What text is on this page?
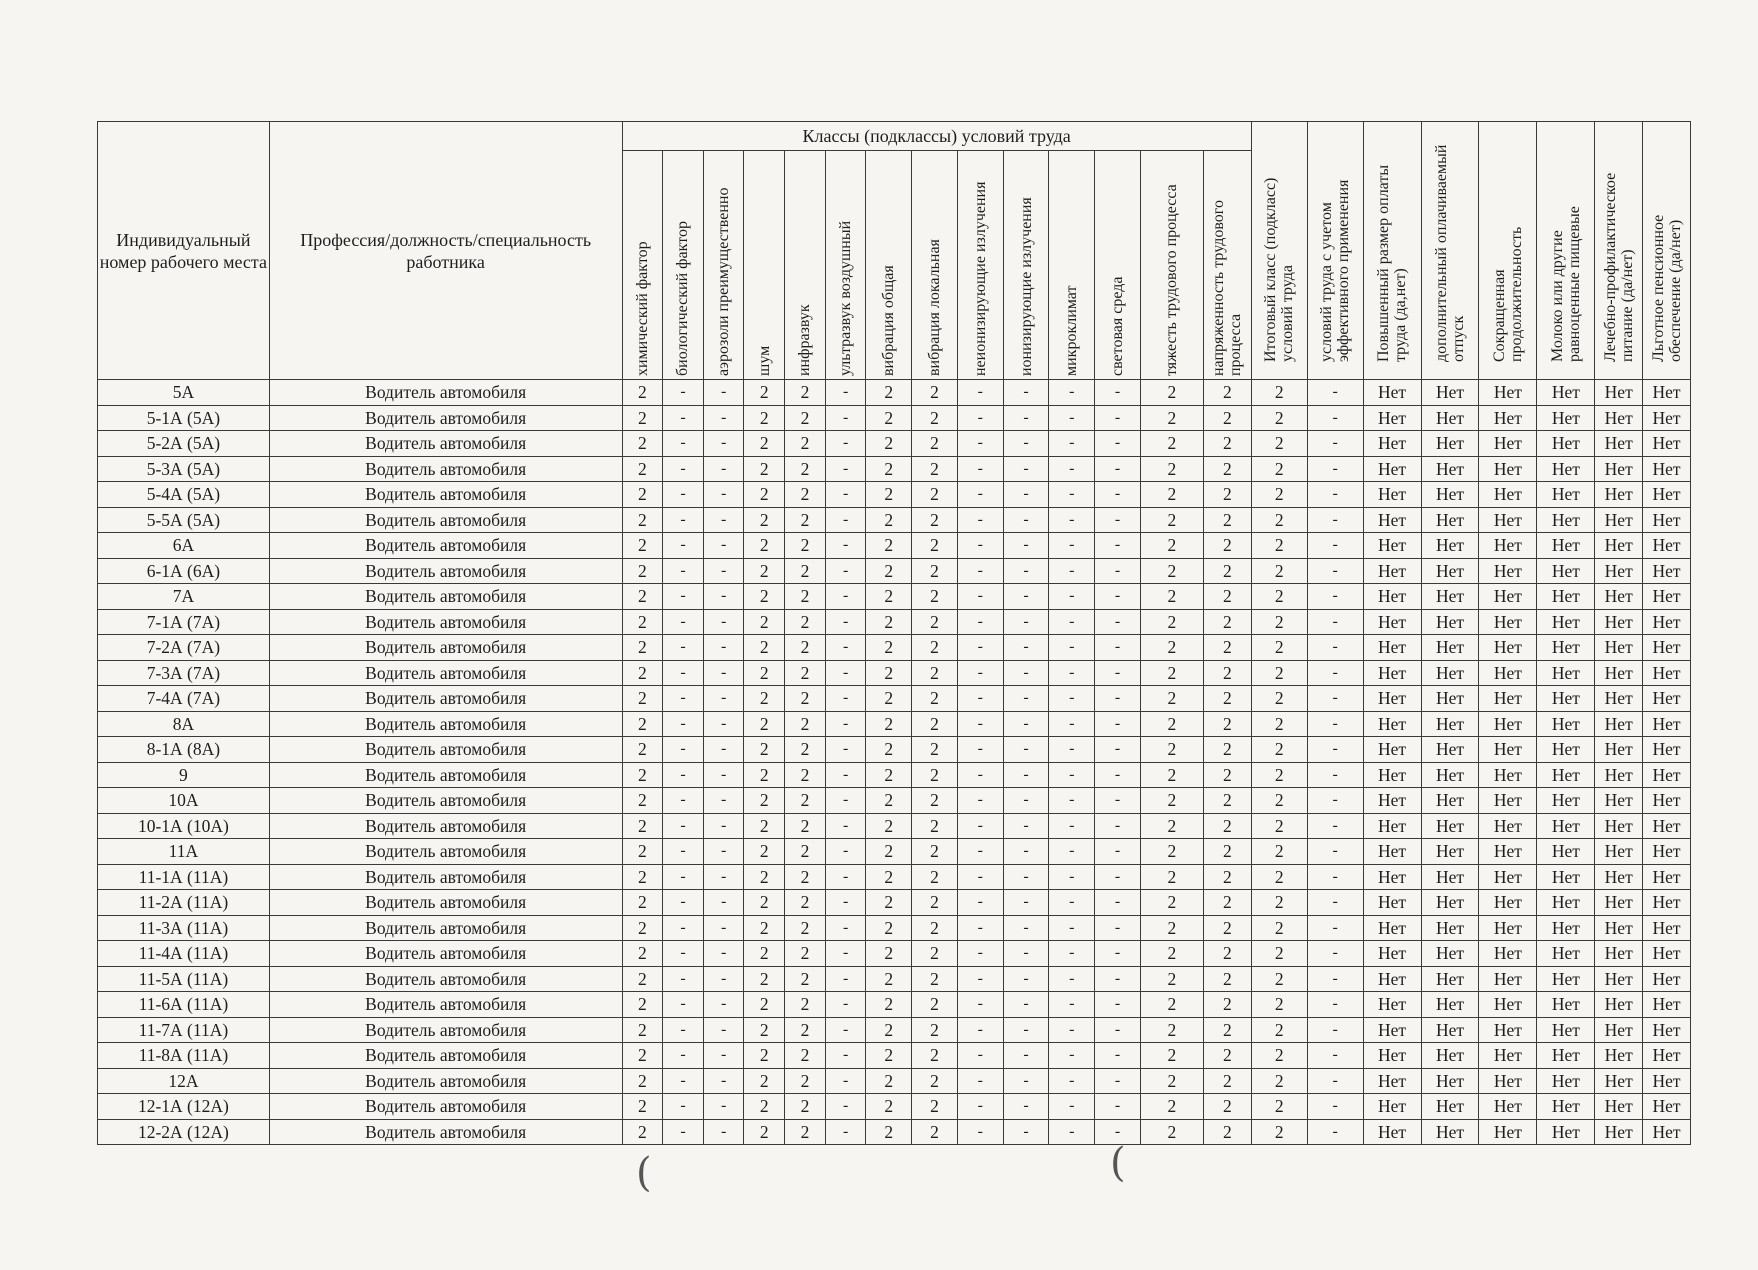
Индивидуальный номер рабочего места	Профессия/должность/специальность работника	Классы (подклассы) условий труда														Итоговый класс (подкласс) условий труда	условий труда с учетом эффективного применения	Повышенный размер оплаты труда (да,нет)	дополнительный оплачиваемый отпуск	Сокращенная продолжительность	Молоко или другие равноценные пищевые	Лечебно-профилактическое питание (да/нет)	Льготное пенсионное обеспечение (да/нет)

		химический фактор	биологический фактор	аэрозоли преимущественно	шум	инфразвук	ультразвук воздушный	вибрация общая	вибрация локальная	неионизирующие излучения	ионизирующие излучения	микроклимат	световая среда	тяжесть трудового процесса	напряженность трудового процесса								

5А	Водитель автомобиля	2	-	-	2	2	-	2	2	-	-	-	-	2	2	2	-	Нет	Нет	Нет	Нет	Нет	Нет
5-1А (5А)	Водитель автомобиля	2	-	-	2	2	-	2	2	-	-	-	-	2	2	2	-	Нет	Нет	Нет	Нет	Нет	Нет
5-2А (5А)	Водитель автомобиля	2	-	-	2	2	-	2	2	-	-	-	-	2	2	2	-	Нет	Нет	Нет	Нет	Нет	Нет
5-3А (5А)	Водитель автомобиля	2	-	-	2	2	-	2	2	-	-	-	-	2	2	2	-	Нет	Нет	Нет	Нет	Нет	Нет
5-4А (5А)	Водитель автомобиля	2	-	-	2	2	-	2	2	-	-	-	-	2	2	2	-	Нет	Нет	Нет	Нет	Нет	Нет
5-5А (5А)	Водитель автомобиля	2	-	-	2	2	-	2	2	-	-	-	-	2	2	2	-	Нет	Нет	Нет	Нет	Нет	Нет
6А	Водитель автомобиля	2	-	-	2	2	-	2	2	-	-	-	-	2	2	2	-	Нет	Нет	Нет	Нет	Нет	Нет
6-1А (6А)	Водитель автомобиля	2	-	-	2	2	-	2	2	-	-	-	-	2	2	2	-	Нет	Нет	Нет	Нет	Нет	Нет
7А	Водитель автомобиля	2	-	-	2	2	-	2	2	-	-	-	-	2	2	2	-	Нет	Нет	Нет	Нет	Нет	Нет
7-1А (7А)	Водитель автомобиля	2	-	-	2	2	-	2	2	-	-	-	-	2	2	2	-	Нет	Нет	Нет	Нет	Нет	Нет
7-2А (7А)	Водитель автомобиля	2	-	-	2	2	-	2	2	-	-	-	-	2	2	2	-	Нет	Нет	Нет	Нет	Нет	Нет
7-3А (7А)	Водитель автомобиля	2	-	-	2	2	-	2	2	-	-	-	-	2	2	2	-	Нет	Нет	Нет	Нет	Нет	Нет
7-4А (7А)	Водитель автомобиля	2	-	-	2	2	-	2	2	-	-	-	-	2	2	2	-	Нет	Нет	Нет	Нет	Нет	Нет
8А	Водитель автомобиля	2	-	-	2	2	-	2	2	-	-	-	-	2	2	2	-	Нет	Нет	Нет	Нет	Нет	Нет
8-1А (8А)	Водитель автомобиля	2	-	-	2	2	-	2	2	-	-	-	-	2	2	2	-	Нет	Нет	Нет	Нет	Нет	Нет
9	Водитель автомобиля	2	-	-	2	2	-	2	2	-	-	-	-	2	2	2	-	Нет	Нет	Нет	Нет	Нет	Нет
10А	Водитель автомобиля	2	-	-	2	2	-	2	2	-	-	-	-	2	2	2	-	Нет	Нет	Нет	Нет	Нет	Нет
10-1А (10А)	Водитель автомобиля	2	-	-	2	2	-	2	2	-	-	-	-	2	2	2	-	Нет	Нет	Нет	Нет	Нет	Нет
11А	Водитель автомобиля	2	-	-	2	2	-	2	2	-	-	-	-	2	2	2	-	Нет	Нет	Нет	Нет	Нет	Нет
11-1А (11А)	Водитель автомобиля	2	-	-	2	2	-	2	2	-	-	-	-	2	2	2	-	Нет	Нет	Нет	Нет	Нет	Нет
11-2А (11А)	Водитель автомобиля	2	-	-	2	2	-	2	2	-	-	-	-	2	2	2	-	Нет	Нет	Нет	Нет	Нет	Нет
11-3А (11А)	Водитель автомобиля	2	-	-	2	2	-	2	2	-	-	-	-	2	2	2	-	Нет	Нет	Нет	Нет	Нет	Нет
11-4А (11А)	Водитель автомобиля	2	-	-	2	2	-	2	2	-	-	-	-	2	2	2	-	Нет	Нет	Нет	Нет	Нет	Нет
11-5А (11А)	Водитель автомобиля	2	-	-	2	2	-	2	2	-	-	-	-	2	2	2	-	Нет	Нет	Нет	Нет	Нет	Нет
11-6А (11А)	Водитель автомобиля	2	-	-	2	2	-	2	2	-	-	-	-	2	2	2	-	Нет	Нет	Нет	Нет	Нет	Нет
11-7А (11А)	Водитель автомобиля	2	-	-	2	2	-	2	2	-	-	-	-	2	2	2	-	Нет	Нет	Нет	Нет	Нет	Нет
11-8А (11А)	Водитель автомобиля	2	-	-	2	2	-	2	2	-	-	-	-	2	2	2	-	Нет	Нет	Нет	Нет	Нет	Нет
12А	Водитель автомобиля	2	-	-	2	2	-	2	2	-	-	-	-	2	2	2	-	Нет	Нет	Нет	Нет	Нет	Нет
12-1А (12А)	Водитель автомобиля	2	-	-	2	2	-	2	2	-	-	-	-	2	2	2	-	Нет	Нет	Нет	Нет	Нет	Нет
12-2А (12А)	Водитель автомобиля	2	-	-	2	2	-	2	2	-	-	-	-	2	2	2	-	Нет	Нет	Нет	Нет	Нет	Нет
(	(
